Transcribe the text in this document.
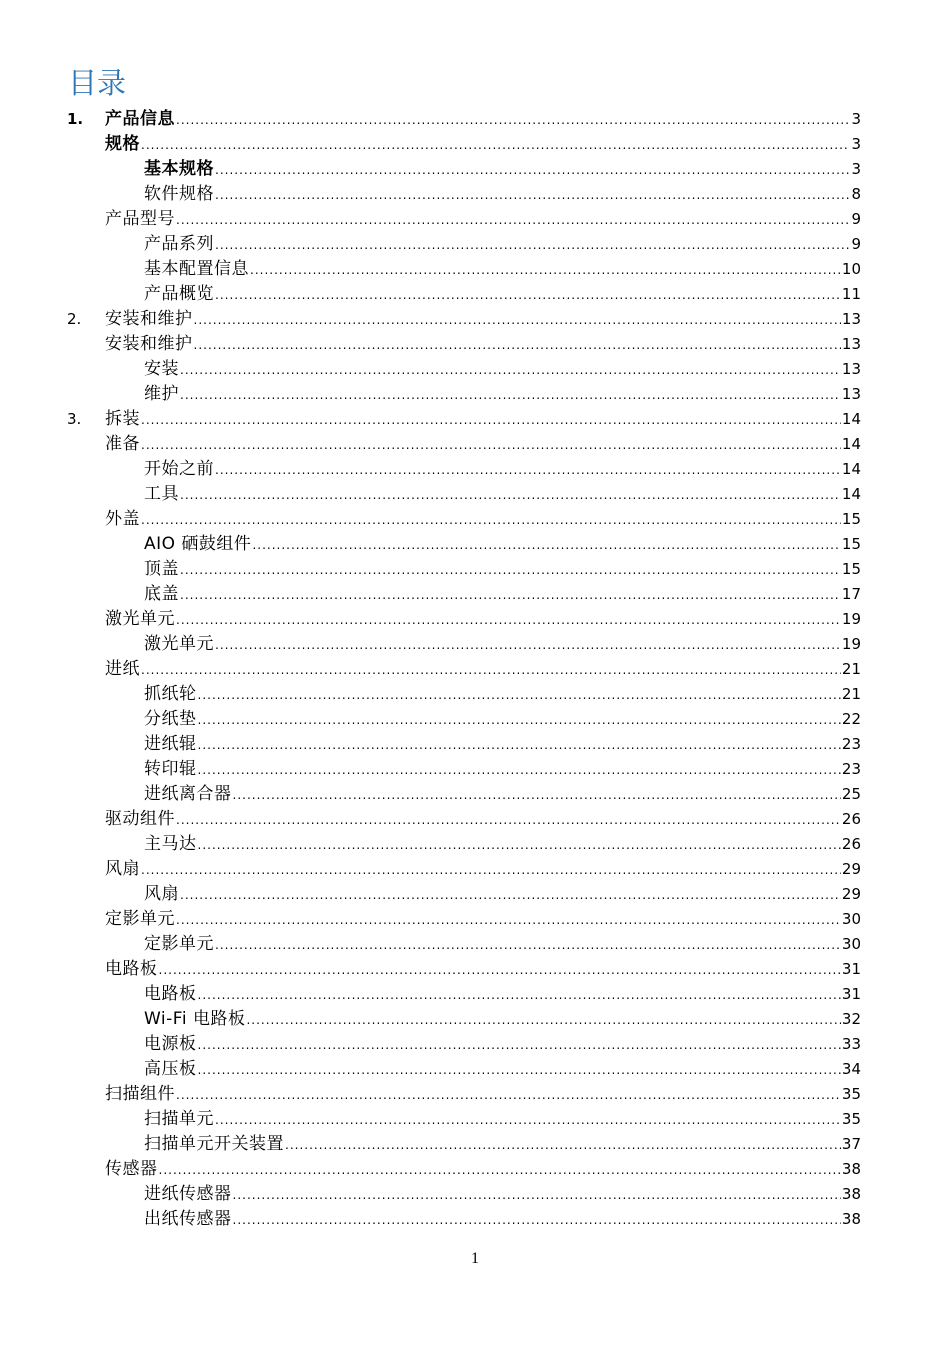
目录
1.	产品信息 .....	3
规格 .....	3
基本规格 .....	3
软件规格 .....	8
产品型号 .....	9
产品系列 .....	9
基本配置信息 .....	10
产品概览 .....	11
2.	安装和维护 .....	13
安装和维护 .....	13
安装 .....	13
维护 .....	13
3.	拆装 .....	14
准备 .....	14
开始之前 .....	14
工具 .....	14
外盖 .....	15
AIO 硒鼓组件 .....	15
顶盖 .....	15
底盖 .....	17
激光单元 .....	19
激光单元 .....	19
进纸 .....	21
抓纸轮 .....	21
分纸垫 .....	22
进纸辊 .....	23
转印辊 .....	23
进纸离合器 .....	25
驱动组件 .....	26
主马达 .....	26
风扇 .....	29
风扇 .....	29
定影单元 .....	30
定影单元 .....	30
电路板 .....	31
电路板 .....	31
Wi-Fi 电路板 .....	32
电源板 .....	33
高压板 .....	34
扫描组件 .....	35
扫描单元 .....	35
扫描单元开关装置 .....	37
传感器 .....	38
进纸传感器 .....	38
出纸传感器 .....	38
1
